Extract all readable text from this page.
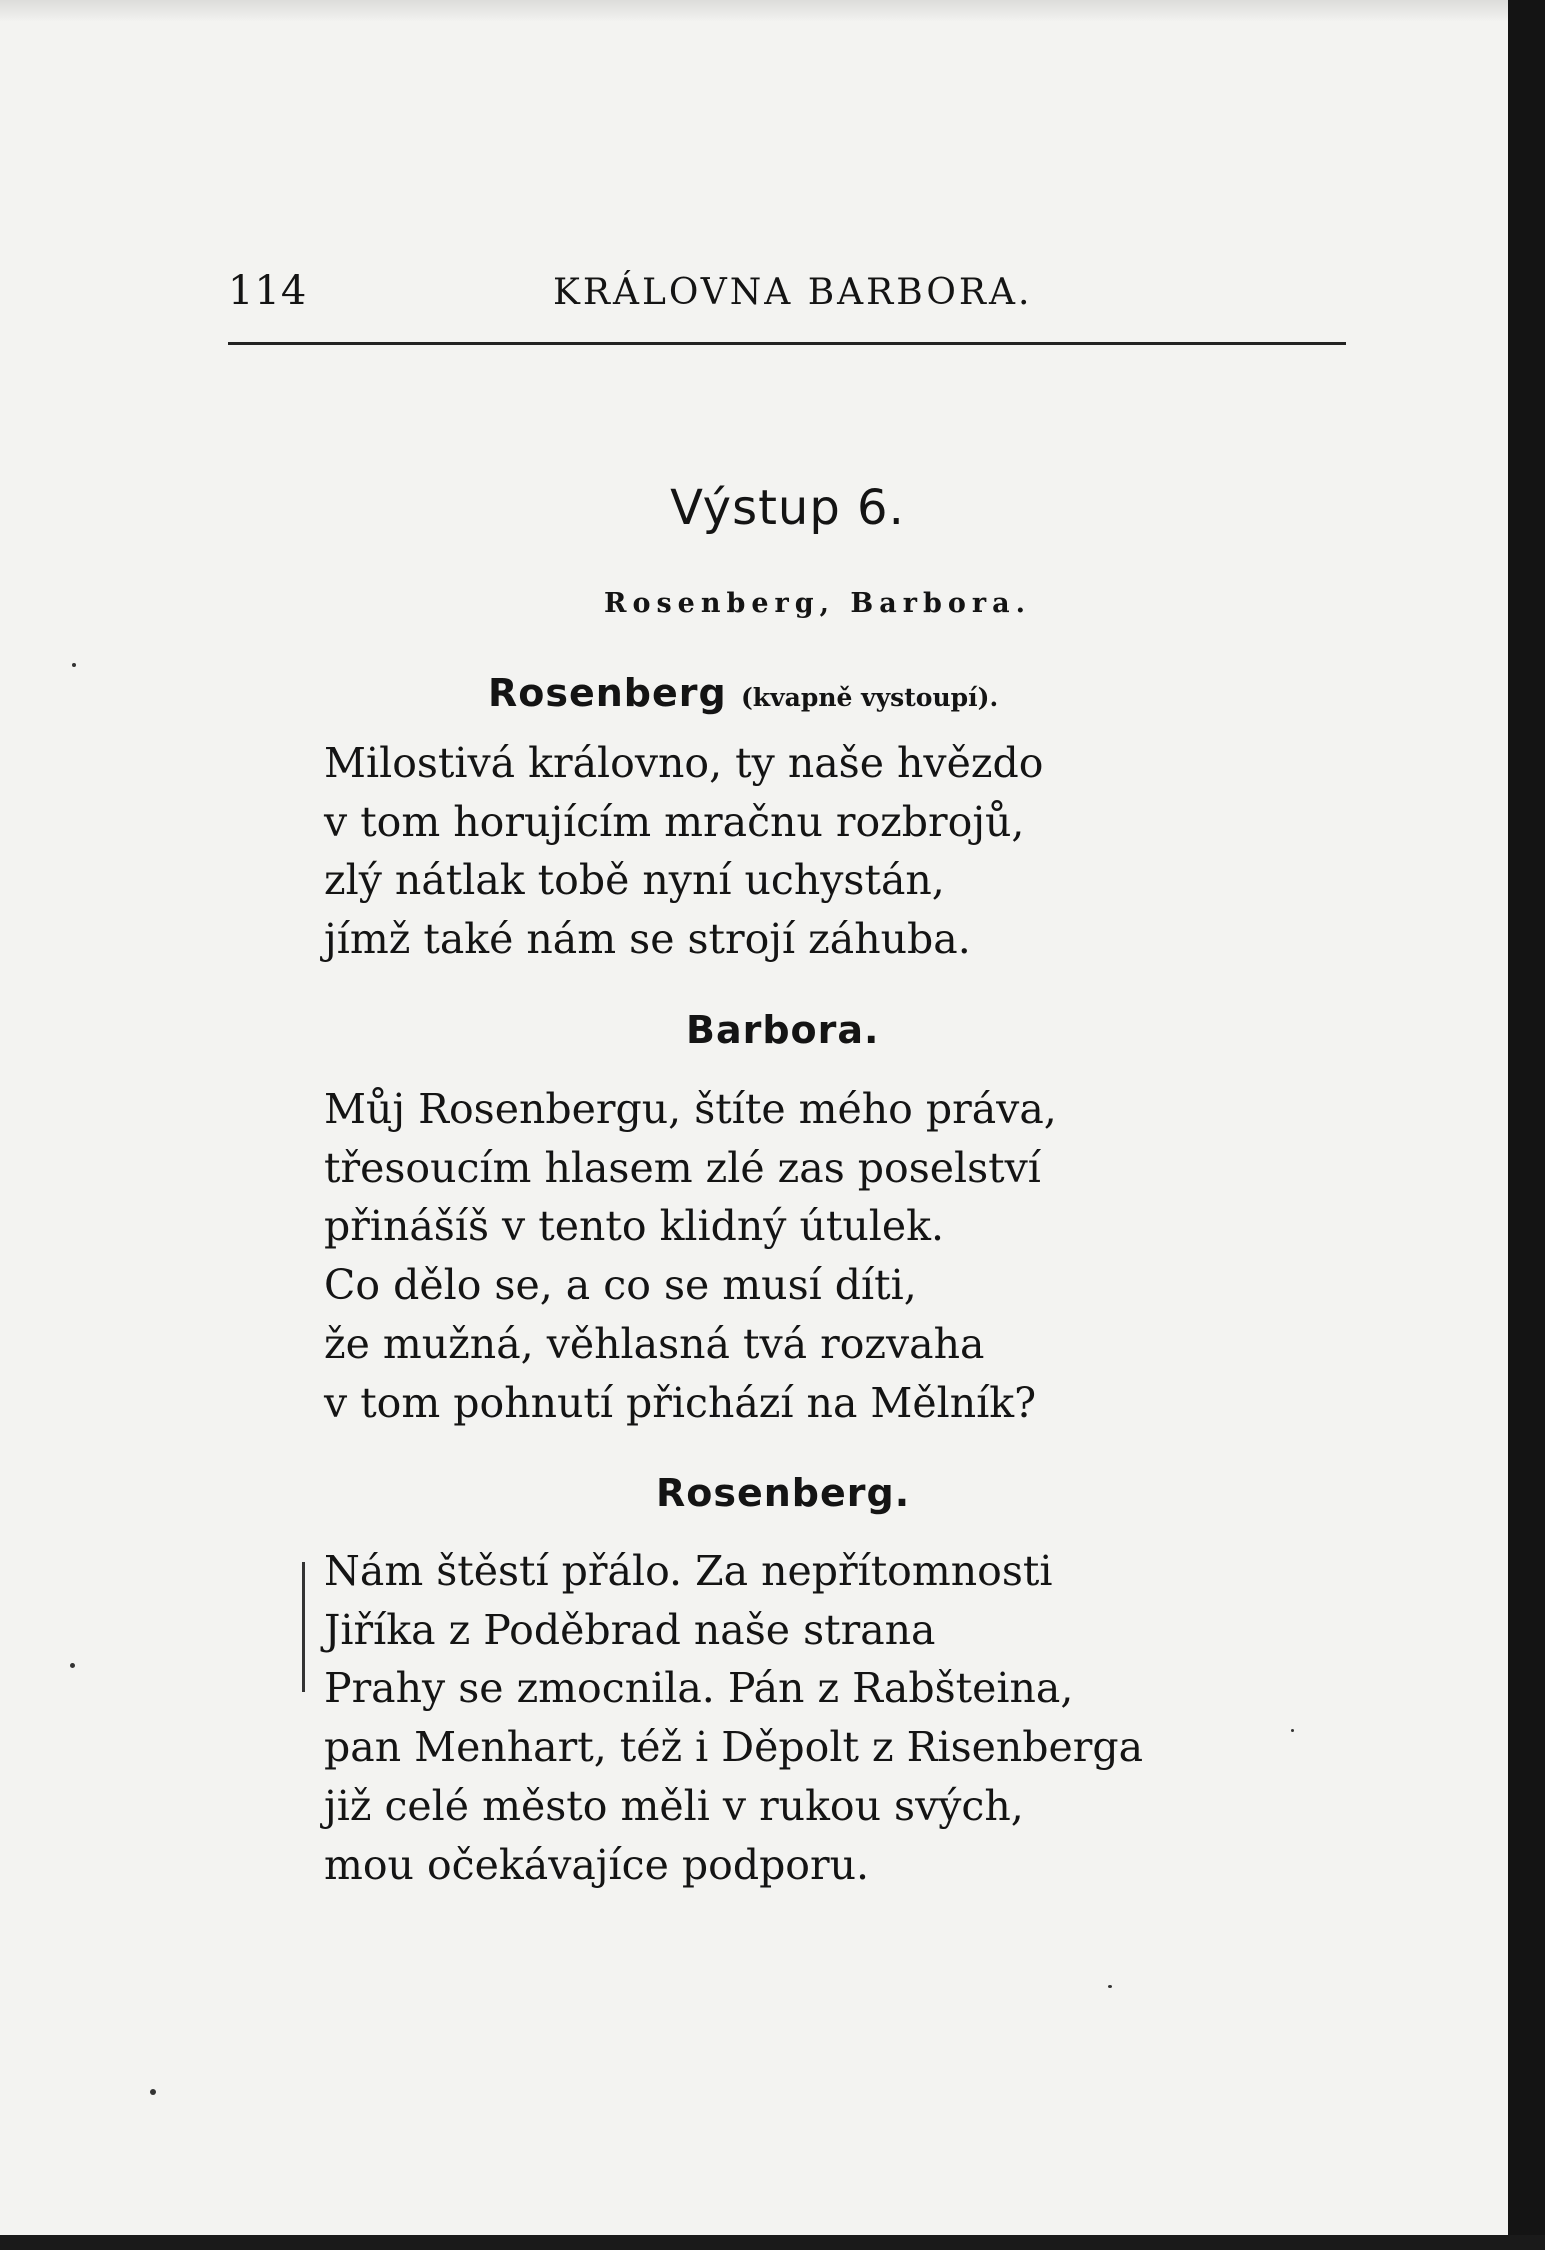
114	KRÁLOVNA BARBORA.
Výstup 6.
Rosenberg, Barbora.
Rosenberg (kvapně vystoupí).
Milostivá královno, ty naše hvězdo
v tom horujícím mračnu rozbrojů,
zlý nátlak tobě nyní uchystán,
jímž také nám se strojí záhuba.
Barbora.
Můj Rosenbergu, štíte mého práva,
třesoucím hlasem zlé zas poselství
přinášíš v tento klidný útulek.
Co dělo se, a co se musí díti,
že mužná, věhlasná tvá rozvaha
v tom pohnutí přichází na Mělník?
Rosenberg.
Nám štěstí přálo. Za nepřítomnosti
Jiříka z Poděbrad naše strana
Prahy se zmocnila. Pán z Rabšteina,
pan Menhart, též i Děpolt z Risenberga
již celé město měli v rukou svých,
mou očekávajíce podporu.
